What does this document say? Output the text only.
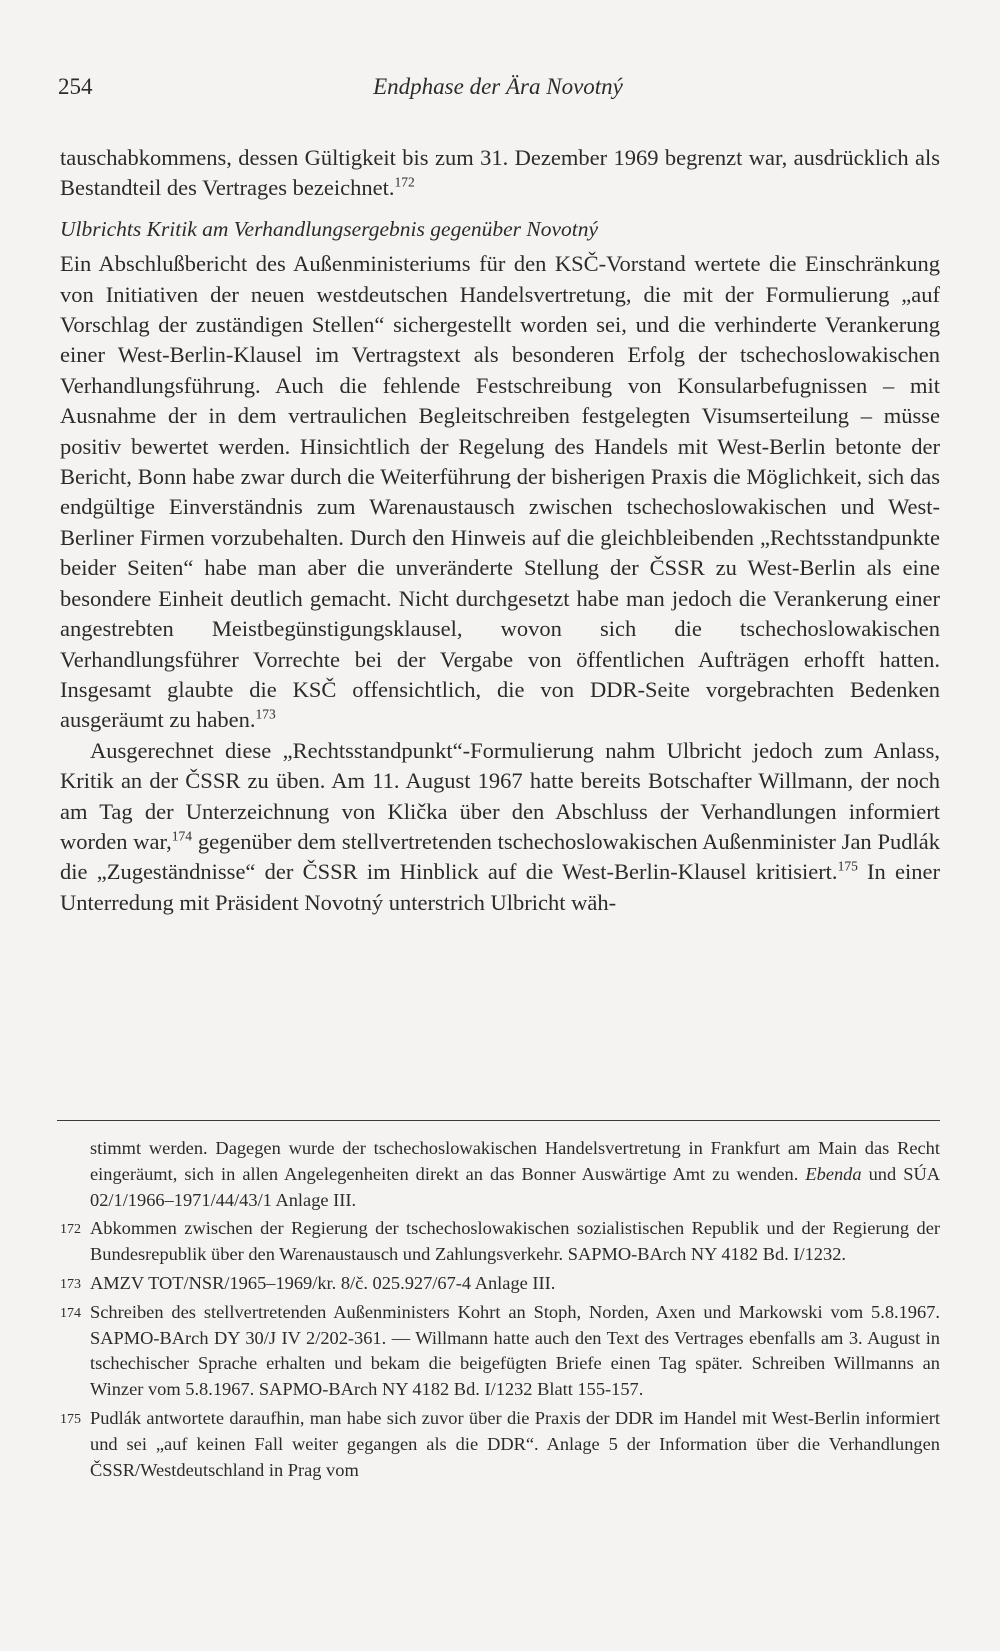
254	Endphase der Ära Novotný

tauschabkommens, dessen Gültigkeit bis zum 31. Dezember 1969 begrenzt war, ausdrücklich als Bestandteil des Vertrages bezeichnet.$^{172}$

Ulbrichts Kritik am Verhandlungsergebnis gegenüber Novotný

Ein Abschlußbericht des Außenministeriums für den KSČ-Vorstand wertete die Einschränkung von Initiativen der neuen westdeutschen Handelsvertretung, die mit der Formulierung „auf Vorschlag der zuständigen Stellen“ sichergestellt worden sei, und die verhinderte Verankerung einer West-Berlin-Klausel im Vertragstext als besonderen Erfolg der tschechoslowakischen Verhandlungsführung. Auch die fehlende Festschreibung von Konsularbefugnissen – mit Ausnahme der in dem vertraulichen Begleitschreiben festgelegten Visumserteilung – müsse positiv bewertet werden. Hinsichtlich der Regelung des Handels mit West-Berlin betonte der Bericht, Bonn habe zwar durch die Weiterführung der bisherigen Praxis die Möglichkeit, sich das endgültige Einverständnis zum Warenaustausch zwischen tschechoslowakischen und West-Berliner Firmen vorzubehalten. Durch den Hinweis auf die gleichbleibenden „Rechtsstandpunkte beider Seiten“ habe man aber die unveränderte Stellung der ČSSR zu West-Berlin als eine besondere Einheit deutlich gemacht. Nicht durchgesetzt habe man jedoch die Verankerung einer angestrebten Meistbegünstigungsklausel, wovon sich die tschechoslowakischen Verhandlungsführer Vorrechte bei der Vergabe von öffentlichen Aufträgen erhofft hatten. Insgesamt glaubte die KSČ offensichtlich, die von DDR-Seite vorgebrachten Bedenken ausgeräumt zu haben.$^{173}$

Ausgerechnet diese „Rechtsstandpunkt“-Formulierung nahm Ulbricht jedoch zum Anlass, Kritik an der ČSSR zu üben. Am 11. August 1967 hatte bereits Botschafter Willmann, der noch am Tag der Unterzeichnung von Klička über den Abschluss der Verhandlungen informiert worden war,$^{174}$ gegenüber dem stellvertretenden tschechoslowakischen Außenminister Jan Pudlák die „Zugeständnisse“ der ČSSR im Hinblick auf die West-Berlin-Klausel kritisiert.$^{175}$ In einer Unterredung mit Präsident Novotný unterstrich Ulbricht wäh-

stimmt werden. Dagegen wurde der tschechoslowakischen Handelsvertretung in Frankfurt am Main das Recht eingeräumt, sich in allen Angelegenheiten direkt an das Bonner Auswärtige Amt zu wenden. Ebenda und SÚA 02/1/1966–1971/44/43/1 Anlage III.
172 Abkommen zwischen der Regierung der tschechoslowakischen sozialistischen Republik und der Regierung der Bundesrepublik über den Warenaustausch und Zahlungsverkehr. SAPMO-BArch NY 4182 Bd. I/1232.
173 AMZV TOT/NSR/1965–1969/kr. 8/č. 025.927/67-4 Anlage III.
174 Schreiben des stellvertretenden Außenministers Kohrt an Stoph, Norden, Axen und Markowski vom 5.8.1967. SAPMO-BArch DY 30/J IV 2/202-361. — Willmann hatte auch den Text des Vertrages ebenfalls am 3. August in tschechischer Sprache erhalten und bekam die beigefügten Briefe einen Tag später. Schreiben Willmanns an Winzer vom 5.8.1967. SAPMO-BArch NY 4182 Bd. I/1232 Blatt 155-157.
175 Pudlák antwortete daraufhin, man habe sich zuvor über die Praxis der DDR im Handel mit West-Berlin informiert und sei „auf keinen Fall weiter gegangen als die DDR“. Anlage 5 der Information über die Verhandlungen ČSSR/Westdeutschland in Prag vom
